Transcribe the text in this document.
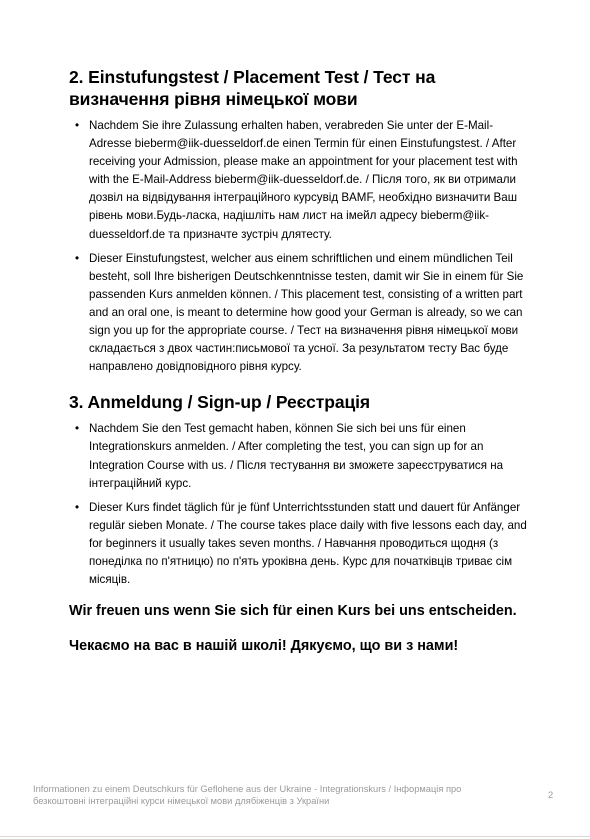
2. Einstufungstest / Placement Test / Тест на визначення рівня німецької мови
• Nachdem Sie ihre Zulassung erhalten haben, verabreden Sie unter der E-Mail-Adresse bieberm@iik-duesseldorf.de einen Termin für einen Einstufungstest. / After receiving your Admission, please make an appointment for your placement test with with the E-Mail-Address bieberm@iik-duesseldorf.de. / Після того, як ви отримали дозвіл на відвідування інтеграційного курсувід BAMF, необхідно визначити Ваш рівень мови.Будь-ласка, надішліть нам лист на імейл адресу bieberm@iik-duesseldorf.de та призначте зустріч длятесту.
• Dieser Einstufungstest, welcher aus einem schriftlichen und einem mündlichen Teil besteht, soll Ihre bisherigen Deutschkenntnisse testen, damit wir Sie in einem für Sie passenden Kurs anmelden können. / This placement test, consisting of a written part and an oral one, is meant to determine how good your German is already, so we can sign you up for the appropriate course. / Тест на визначення рівня німецької мови складається з двох частин:письмової та усної. За результатом тесту Вас буде направлено довідповідного рівня курсу.
3. Anmeldung / Sign-up / Реєстрація
• Nachdem Sie den Test gemacht haben, können Sie sich bei uns für einen Integrationskurs anmelden. / After completing the test, you can sign up for an Integration Course with us. / Після тестування ви зможете зареєструватися на інтеграційний курс.
• Dieser Kurs findet täglich für je fünf Unterrichtsstunden statt und dauert für Anfänger regulär sieben Monate. / The course takes place daily with five lessons each day, and for beginners it usually takes seven months. / Навчання проводиться щодня (з понеділка по п'ятницю) по п'ять уроківна день. Курс для початківців триває сім місяців.

Wir freuen uns wenn Sie sich für einen Kurs bei uns entscheiden.

Чекаємо на вас в нашій школі! Дякуємо, що ви з нами!

Informationen zu einem Deutschkurs für Geflohene aus der Ukraine - Integrationskurs / Інформація про безкоштовні інтеграційні курси німецької мови длябіженців з України
2
